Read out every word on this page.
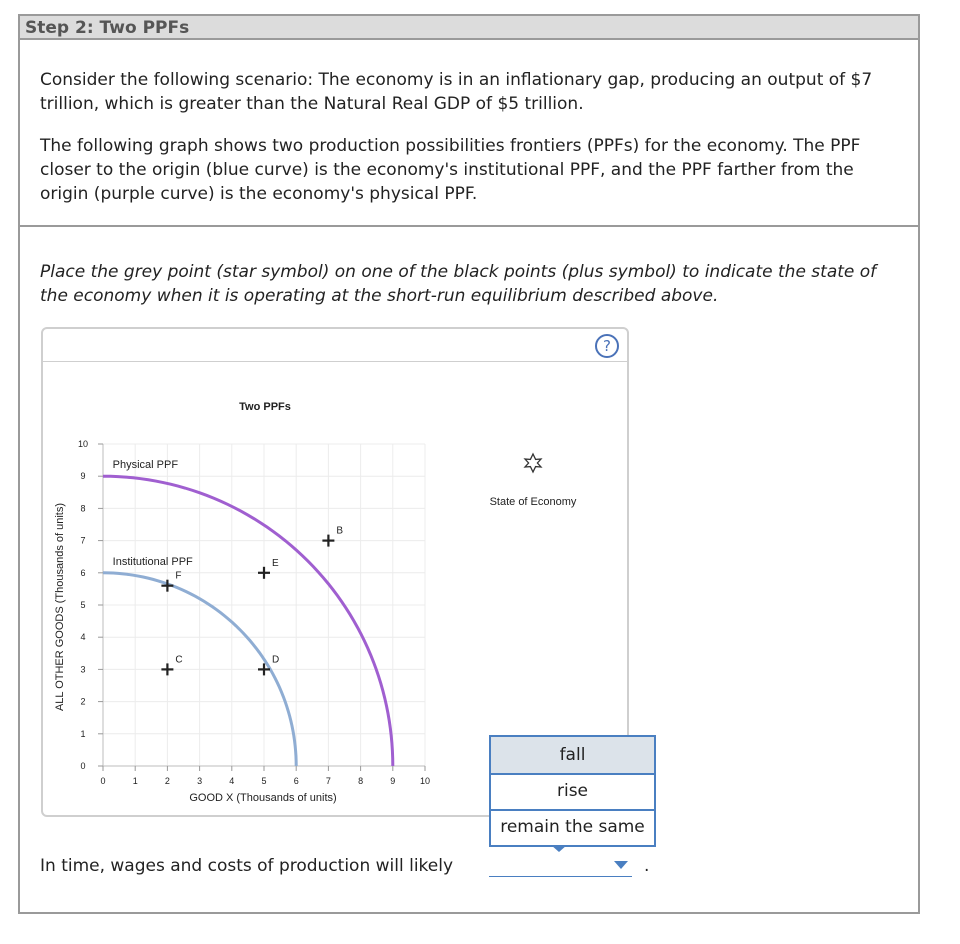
Step 2: Two PPFs

Consider the following scenario: The economy is in an inflationary gap, producing an output of $7 trillion, which is greater than the Natural Real GDP of $5 trillion.

The following graph shows two production possibilities frontiers (PPFs) for the economy. The PPF closer to the origin (blue curve) is the economy's institutional PPF, and the PPF farther from the origin (purple curve) is the economy's physical PPF.

Place the grey point (star symbol) on one of the black points (plus symbol) to indicate the state of the economy when it is operating at the short-run equilibrium described above.

?
Two PPFs
0	1	2	3	4	5	6	7	8	9	10
0
1
2
3
4
5
6
7
8
9
10
Physical PPF
Institutional PPF
B
E
F
C	D
GOOD X (Thousands of units)
ALL OTHER GOODS (Thousands of units)
State of Economy
fall
rise
remain the same

In time, wages and costs of production will likely	.
